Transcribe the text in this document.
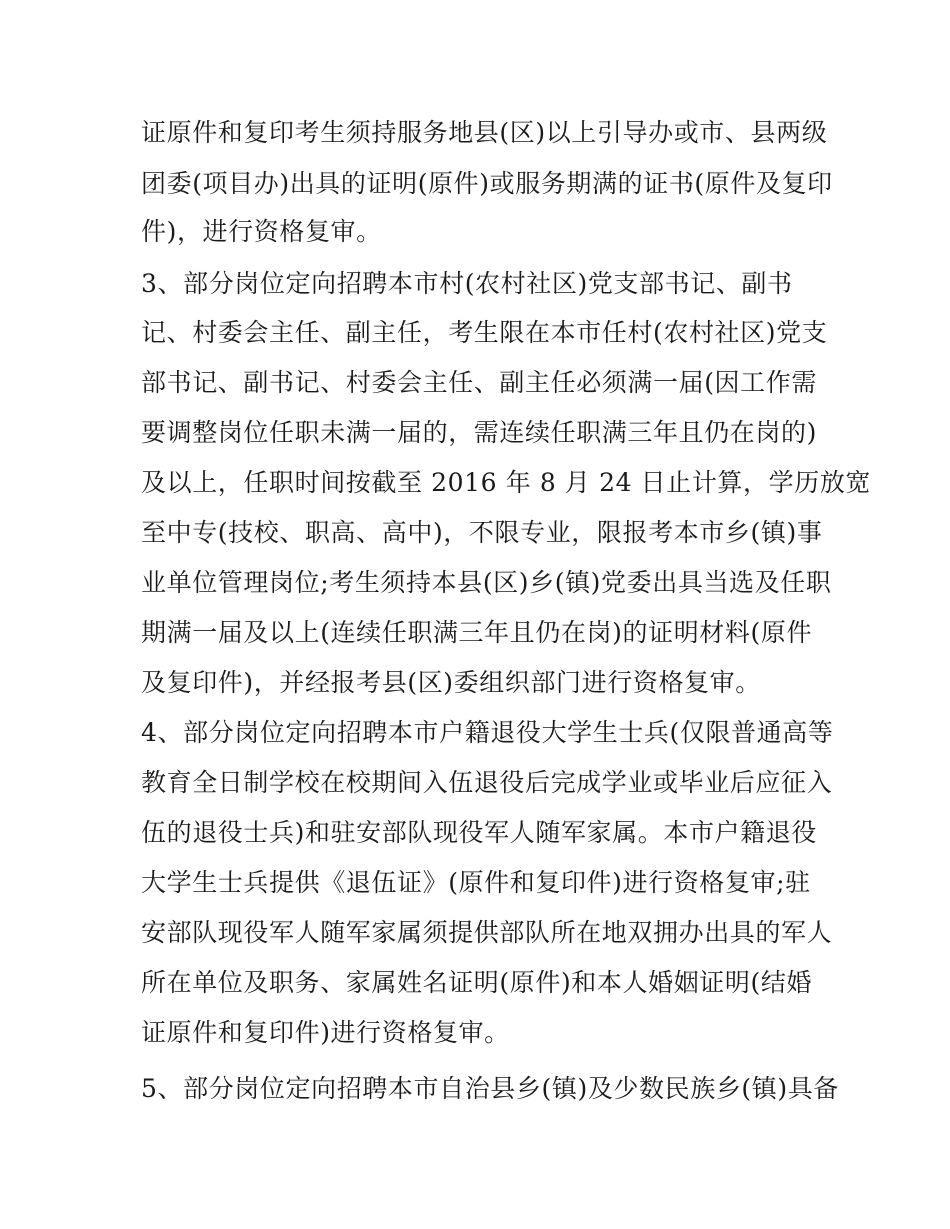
证原件和复印考生须持服务地县(区)以上引导办或市、县两级
团委(项目办)出具的证明(原件)或服务期满的证书(原件及复印
件)，进行资格复审。
3、部分岗位定向招聘本市村(农村社区)党支部书记、副书
记、村委会主任、副主任，考生限在本市任村(农村社区)党支
部书记、副书记、村委会主任、副主任必须满一届(因工作需
要调整岗位任职未满一届的，需连续任职满三年且仍在岗的)
及以上，任职时间按截至 2016 年 8 月 24 日止计算，学历放宽
至中专(技校、职高、高中)，不限专业，限报考本市乡(镇)事
业单位管理岗位;考生须持本县(区)乡(镇)党委出具当选及任职
期满一届及以上(连续任职满三年且仍在岗)的证明材料(原件
及复印件)，并经报考县(区)委组织部门进行资格复审。
4、部分岗位定向招聘本市户籍退役大学生士兵(仅限普通高等
教育全日制学校在校期间入伍退役后完成学业或毕业后应征入
伍的退役士兵)和驻安部队现役军人随军家属。本市户籍退役
大学生士兵提供《退伍证》(原件和复印件)进行资格复审;驻
安部队现役军人随军家属须提供部队所在地双拥办出具的军人
所在单位及职务、家属姓名证明(原件)和本人婚姻证明(结婚
证原件和复印件)进行资格复审。
5、部分岗位定向招聘本市自治县乡(镇)及少数民族乡(镇)具备
